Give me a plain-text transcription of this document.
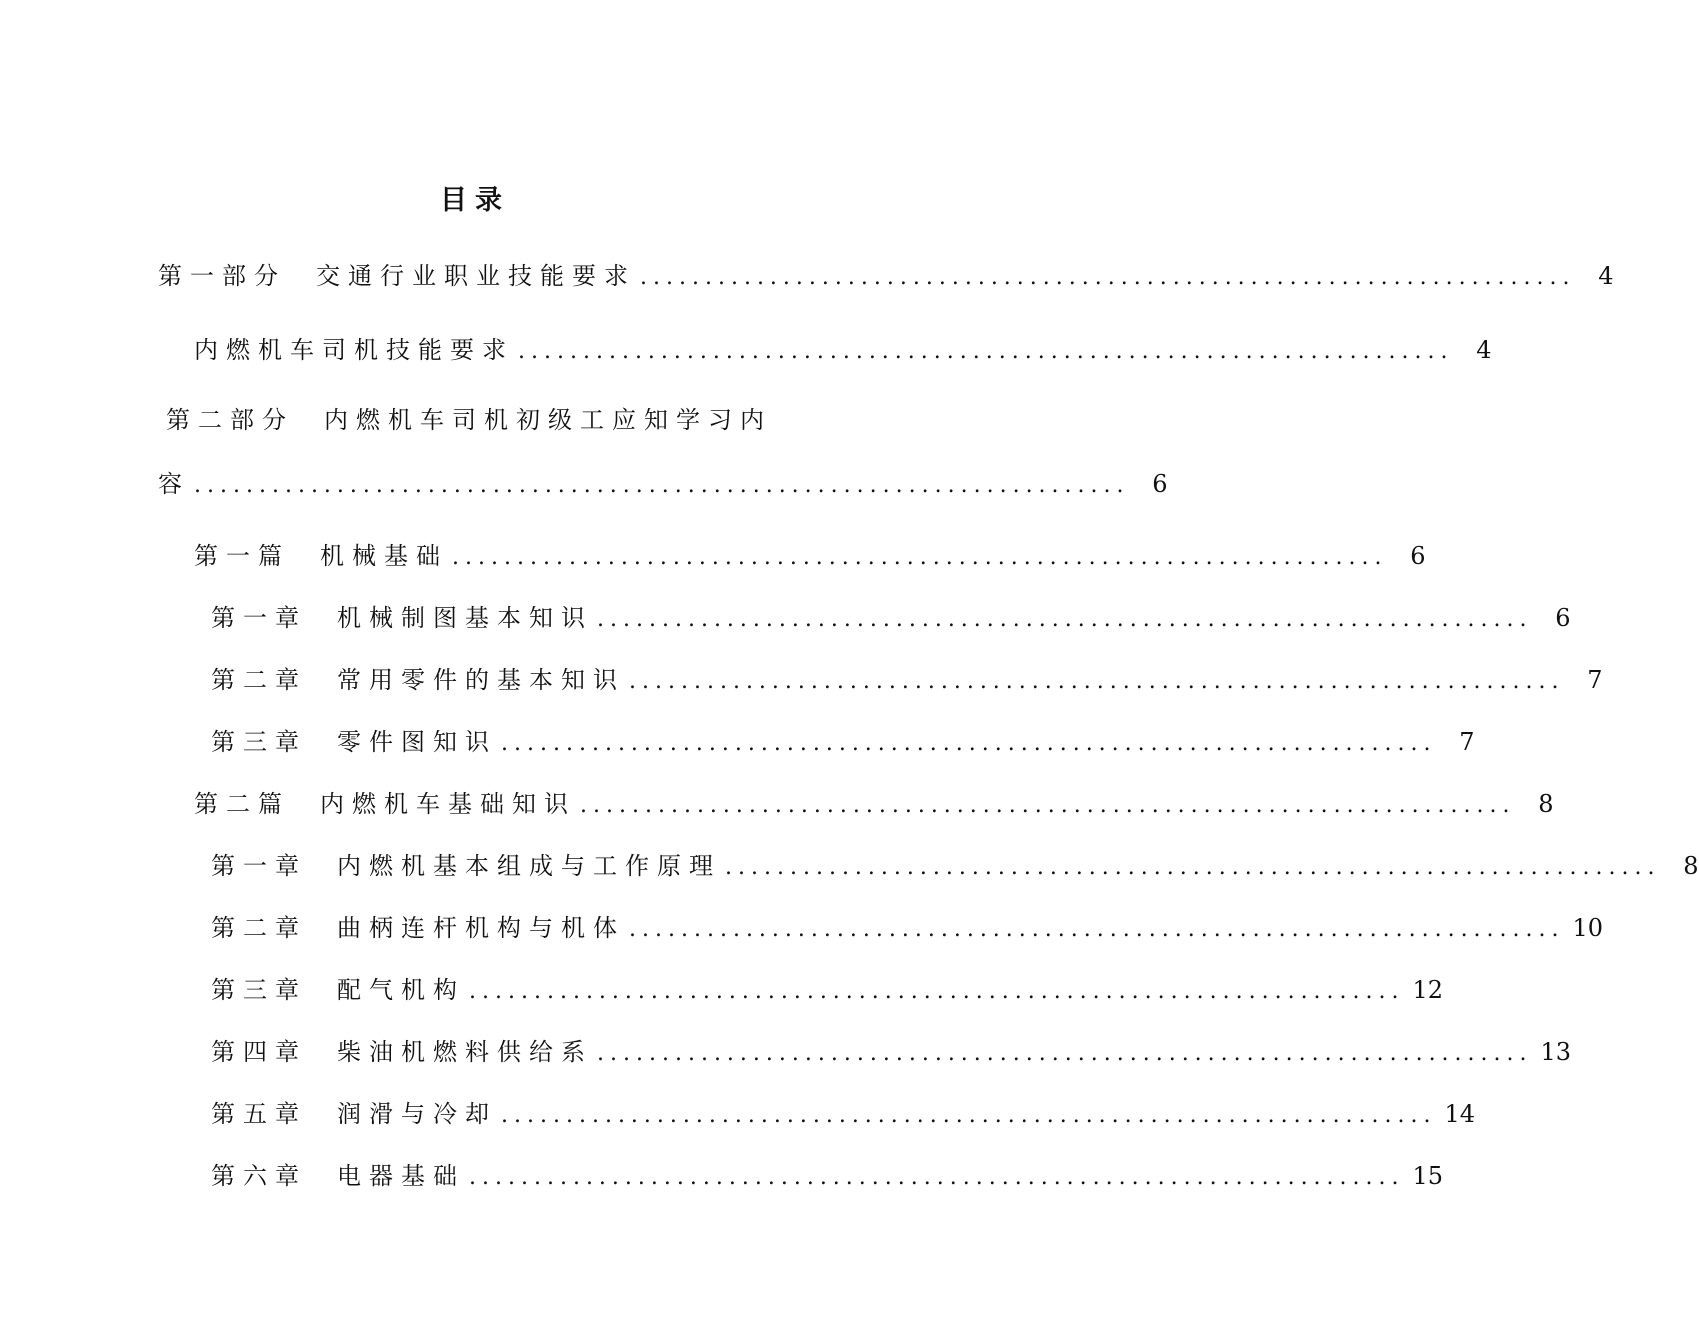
目录
第一部分 交通行业职业技能要求 ........................................................................ 4
内燃机车司机技能要求 ........................................................................ 4
第二部分 内燃机车司机初级工应知学习内
容 ........................................................................ 6
第一篇 机械基础 ........................................................................ 6
第一章 机械制图基本知识 ........................................................................ 6
第二章 常用零件的基本知识 ........................................................................ 7
第三章 零件图知识 ........................................................................ 7
第二篇 内燃机车基础知识 ........................................................................ 8
第一章 内燃机基本组成与工作原理 ........................................................................ 8
第二章 曲柄连杆机构与机体 ........................................................................ 10
第三章 配气机构 ........................................................................ 12
第四章 柴油机燃料供给系 ........................................................................ 13
第五章 润滑与冷却 ........................................................................ 14
第六章 电器基础 ........................................................................ 15
